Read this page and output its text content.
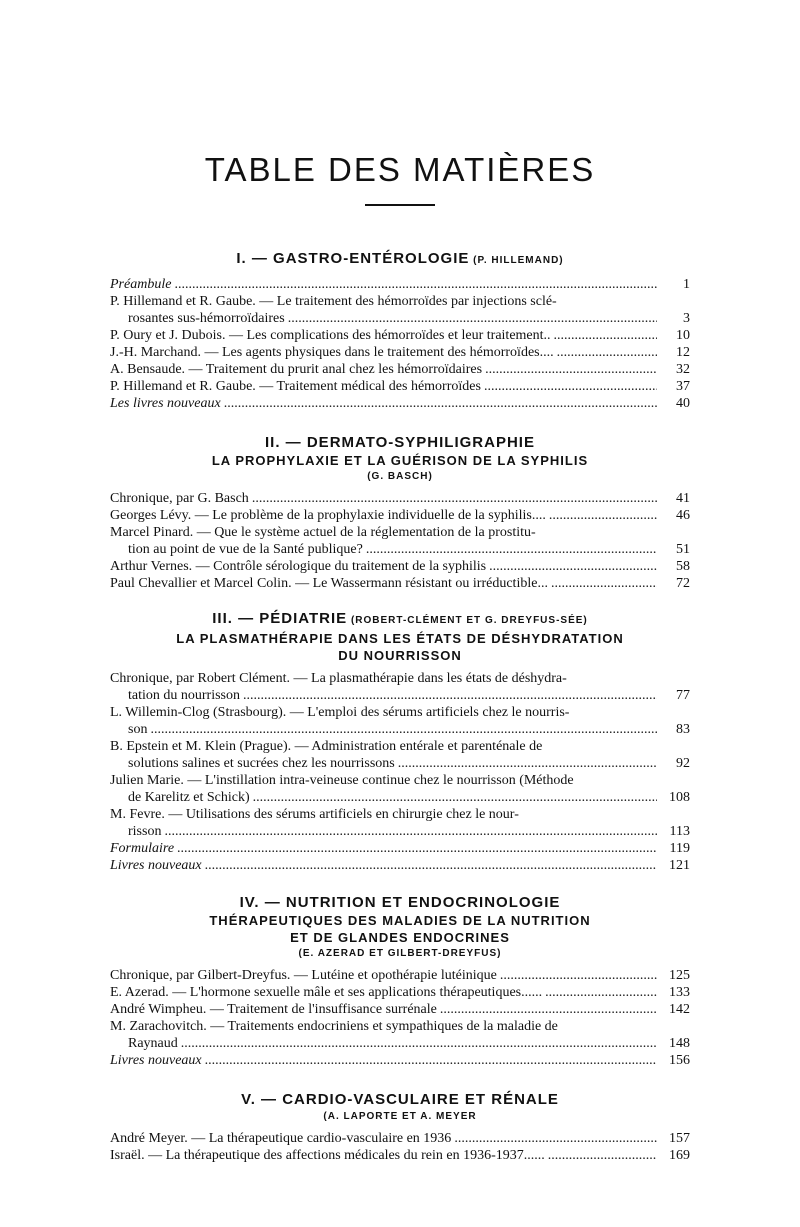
TABLE DES MATIÈRES
I. — GASTRO-ENTÉROLOGIE (P. HILLEMAND)
Préambule .....	1
P. Hillemand et R. Gaube. — Le traitement des hémorroïdes par injections sclé-
rosantes sus-hémorroïdaires .....	3
P. Oury et J. Dubois. — Les complications des hémorroïdes et leur traitement.. .....	10
J.-H. Marchand. — Les agents physiques dans le traitement des hémorroïdes.... .....	12
A. Bensaude. — Traitement du prurit anal chez les hémorroïdaires .....	32
P. Hillemand et R. Gaube. — Traitement médical des hémorroïdes .....	37
Les livres nouveaux .....	40
II. — DERMATO-SYPHILIGRAPHIE
LA PROPHYLAXIE ET LA GUÉRISON DE LA SYPHILIS
(G. BASCH)
Chronique, par G. Basch .....	41
Georges Lévy. — Le problème de la prophylaxie individuelle de la syphilis.... .....	46
Marcel Pinard. — Que le système actuel de la réglementation de la prostitu-
tion au point de vue de la Santé publique? .....	51
Arthur Vernes. — Contrôle sérologique du traitement de la syphilis .....	58
Paul Chevallier et Marcel Colin. — Le Wassermann résistant ou irréductible... .....	72
III. — PÉDIATRIE (ROBERT-CLÉMENT ET G. DREYFUS-SÉE)
LA PLASMATHÉRAPIE DANS LES ÉTATS DE DÉSHYDRATATION
DU NOURRISSON
Chronique, par Robert Clément. — La plasmathérapie dans les états de déshydra-
tation du nourrisson .....	77
L. Willemin-Clog (Strasbourg). — L'emploi des sérums artificiels chez le nourris-
son .....	83
B. Epstein et M. Klein (Prague). — Administration entérale et parenténale de
solutions salines et sucrées chez les nourrissons .....	92
Julien Marie. — L'instillation intra-veineuse continue chez le nourrisson (Méthode
de Karelitz et Schick) .....	108
M. Fevre. — Utilisations des sérums artificiels en chirurgie chez le nour-
risson .....	113
Formulaire .....	119
Livres nouveaux .....	121
IV. — NUTRITION ET ENDOCRINOLOGIE
THÉRAPEUTIQUES DES MALADIES DE LA NUTRITION
ET DE GLANDES ENDOCRINES
(E. AZERAD ET GILBERT-DREYFUS)
Chronique, par Gilbert-Dreyfus. — Lutéine et opothérapie lutéinique .....	125
E. Azerad. — L'hormone sexuelle mâle et ses applications thérapeutiques...... .....	133
André Wimpheu. — Traitement de l'insuffisance surrénale .....	142
M. Zarachovitch. — Traitements endocriniens et sympathiques de la maladie de
Raynaud .....	148
Livres nouveaux .....	156
V. — CARDIO-VASCULAIRE ET RÉNALE
(A. LAPORTE ET A. MEYER
André Meyer. — La thérapeutique cardio-vasculaire en 1936 .....	157
Israël. — La thérapeutique des affections médicales du rein en 1936-1937...... .....	169
